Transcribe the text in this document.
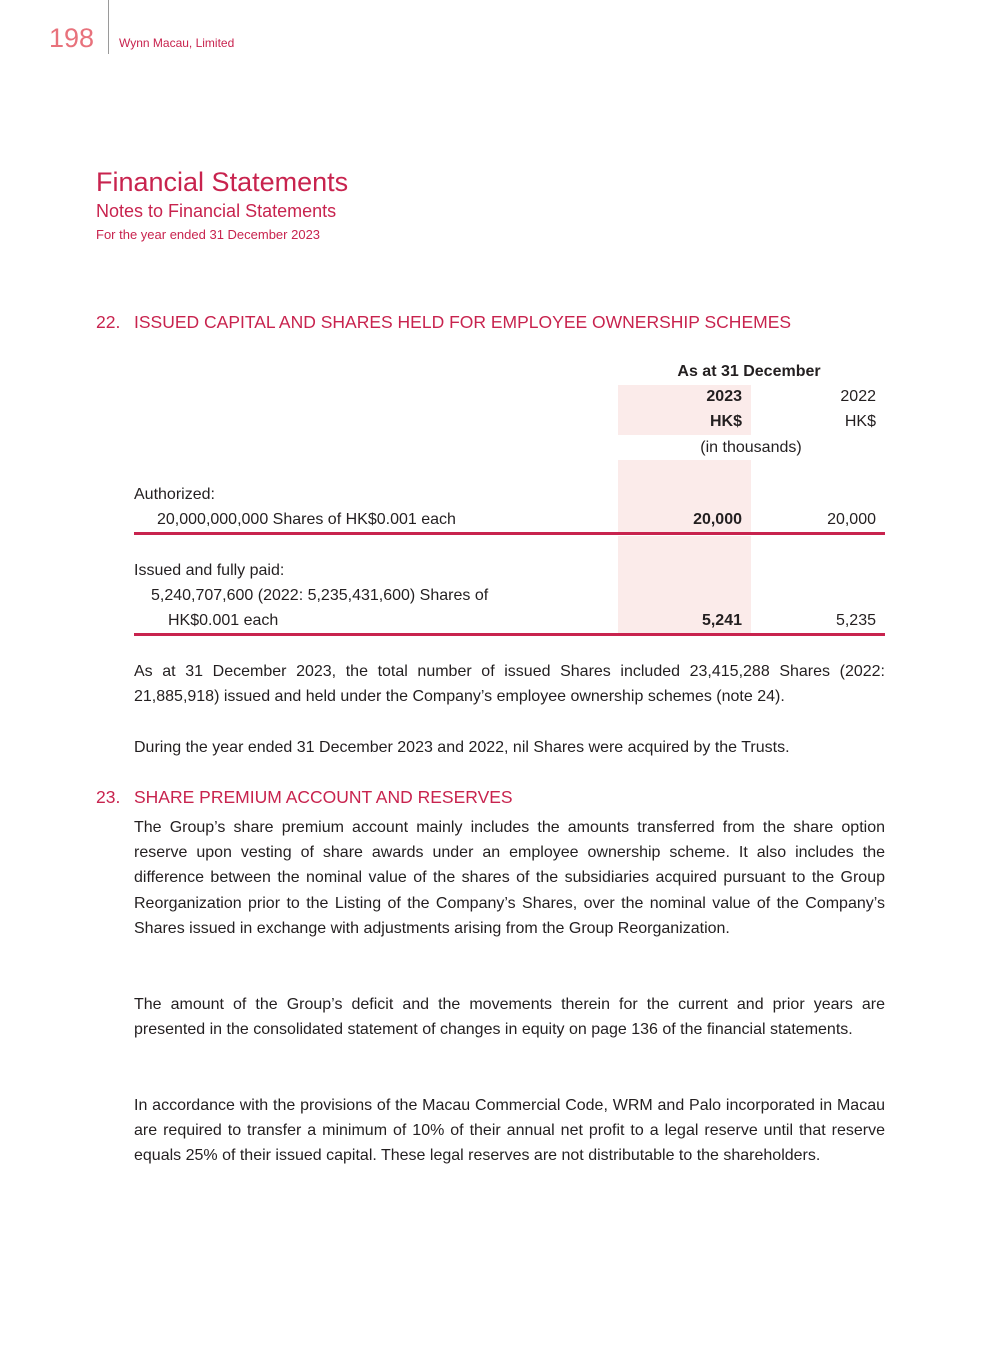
198 Wynn Macau, Limited
Financial Statements
Notes to Financial Statements
For the year ended 31 December 2023
22. ISSUED CAPITAL AND SHARES HELD FOR EMPLOYEE OWNERSHIP SCHEMES
As at 31 December
2023	2022
HK$	HK$
(in thousands)
Authorized:
20,000,000,000 Shares of HK$0.001 each	20,000	20,000
Issued and fully paid:
5,240,707,600 (2022: 5,235,431,600) Shares of
HK$0.001 each	5,241	5,235
As at 31 December 2023, the total number of issued Shares included 23,415,288 Shares (2022:
21,885,918) issued and held under the Company’s employee ownership schemes (note 24).
During the year ended 31 December 2023 and 2022, nil Shares were acquired by the Trusts.
23. SHARE PREMIUM ACCOUNT AND RESERVES
The Group’s share premium account mainly includes the amounts transferred from the share option reserve upon vesting of share awards under an employee ownership scheme. It also includes the difference between the nominal value of the shares of the subsidiaries acquired pursuant to the Group Reorganization prior to the Listing of the Company’s Shares, over the nominal value of the Company’s Shares issued in exchange with adjustments arising from the Group Reorganization.
The amount of the Group’s deficit and the movements therein for the current and prior years are presented in the consolidated statement of changes in equity on page 136 of the financial statements.
In accordance with the provisions of the Macau Commercial Code, WRM and Palo incorporated in Macau are required to transfer a minimum of 10% of their annual net profit to a legal reserve until that reserve equals 25% of their issued capital. These legal reserves are not distributable to the shareholders.
